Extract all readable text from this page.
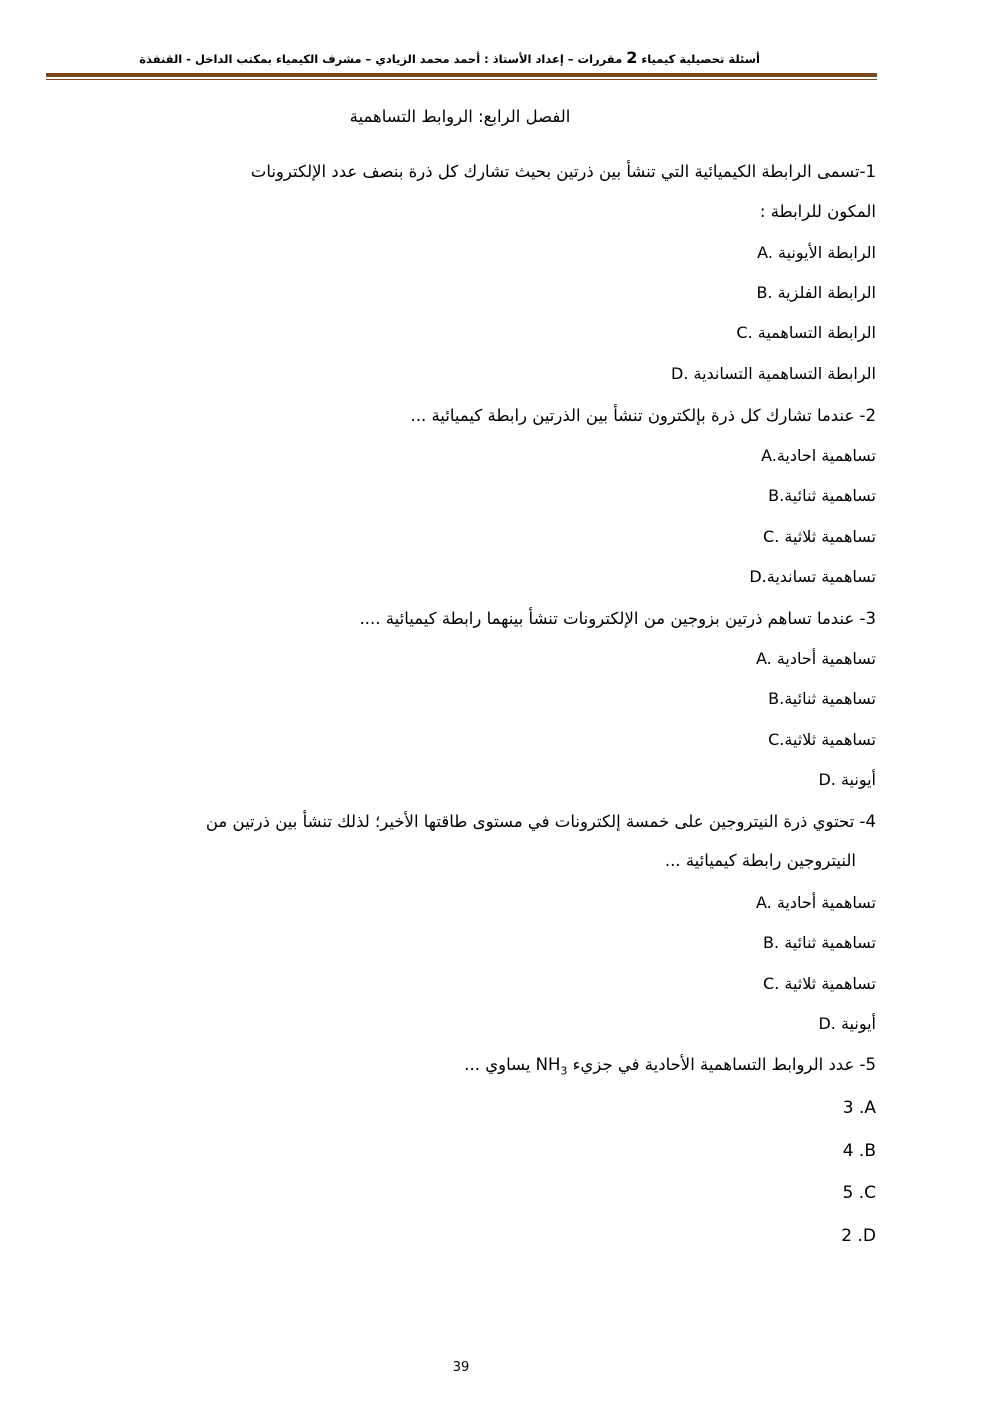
أسئلة تحصيلية كيمياء 2 مقررات – إعداد الأستاذ : أحمد محمد الزيادي – مشرف الكيمياء بمكتب الداخل - القنفذة
الفصل الرابع: الروابط التساهمية
1-تسمى الرابطة الكيميائية التي تنشأ بين ذرتين بحيث تشارك كل ذرة بنصف عدد الإلكترونات
المكون للرابطة :
A. الرابطة الأيونية
B. الرابطة الفلزية
C. الرابطة التساهمية
D. الرابطة التساهمية التساندية
2- عندما تشارك كل ذرة بإلكترون تنشأ بين الذرتين رابطة كيميائية ...
A.تساهمية احادية
B.تساهمية ثنائية
C. تساهمية ثلاثية
D.تساهمية تساندية
3- عندما تساهم ذرتين بزوجين من الإلكترونات تنشأ بينهما رابطة كيميائية ....
A. تساهمية أحادية
B.تساهمية ثنائية
C.تساهمية ثلاثية
D. أيونية
4- تحتوي ذرة النيتروجين على خمسة إلكترونات في مستوى طاقتها الأخير؛ لذلك تنشأ بين ذرتين من
النيتروجين رابطة كيميائية ...
A. تساهمية أحادية
B. تساهمية ثنائية
C. تساهمية ثلاثية
D. أيونية
5- عدد الروابط التساهمية الأحادية في جزيء $NH_3$ يساوي ...
3 .A
4 .B
5 .C
2 .D
39
